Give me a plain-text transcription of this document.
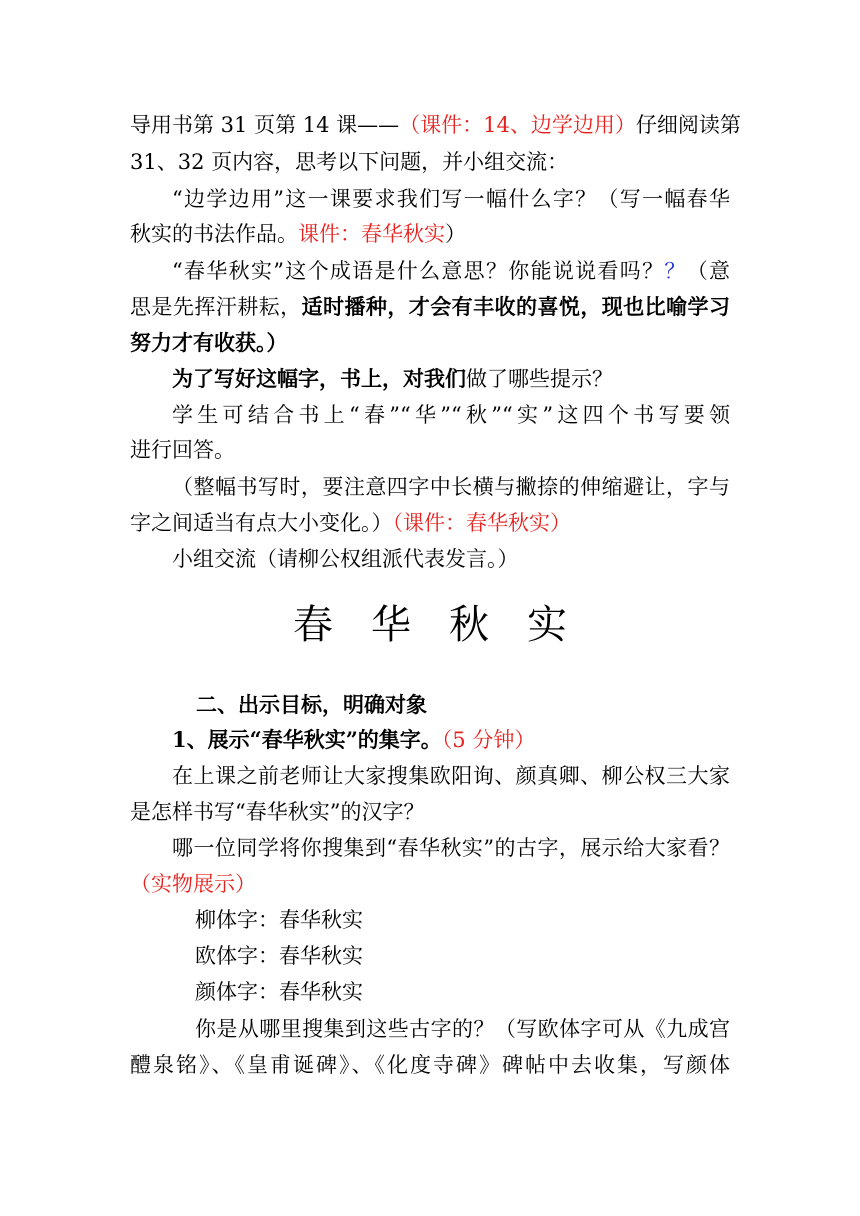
导用书第 31 页第 14 课——（课件：14、边学边用）仔细阅读第
31、32 页内容，思考以下问题，并小组交流：
“边学边用”这一课要求我们写一幅什么字？（写一幅春华
秋实的书法作品。课件：春华秋实）
“春华秋实”这个成语是什么意思？你能说说看吗？？（意
思是先挥汗耕耘，适时播种，才会有丰收的喜悦，现也比喻学习
努力才有收获。）
为了写好这幅字，书上，对我们做了哪些提示？
学生可结合书上“春”“华”“秋”“实”这四个书写要领
进行回答。
（整幅书写时，要注意四字中长横与撇捺的伸缩避让，字与
字之间适当有点大小变化。）（课件：春华秋实）
小组交流（请柳公权组派代表发言。）
春华秋实
二、出示目标，明确对象
1、展示“春华秋实”的集字。（5 分钟）
在上课之前老师让大家搜集欧阳询、颜真卿、柳公权三大家
是怎样书写“春华秋实”的汉字？
哪一位同学将你搜集到“春华秋实”的古字，展示给大家看？
（实物展示）
柳体字：春华秋实
欧体字：春华秋实
颜体字：春华秋实
你是从哪里搜集到这些古字的？（写欧体字可从《九成宫
醴泉铭》、《皇甫诞碑》、《化度寺碑》碑帖中去收集，写颜体
